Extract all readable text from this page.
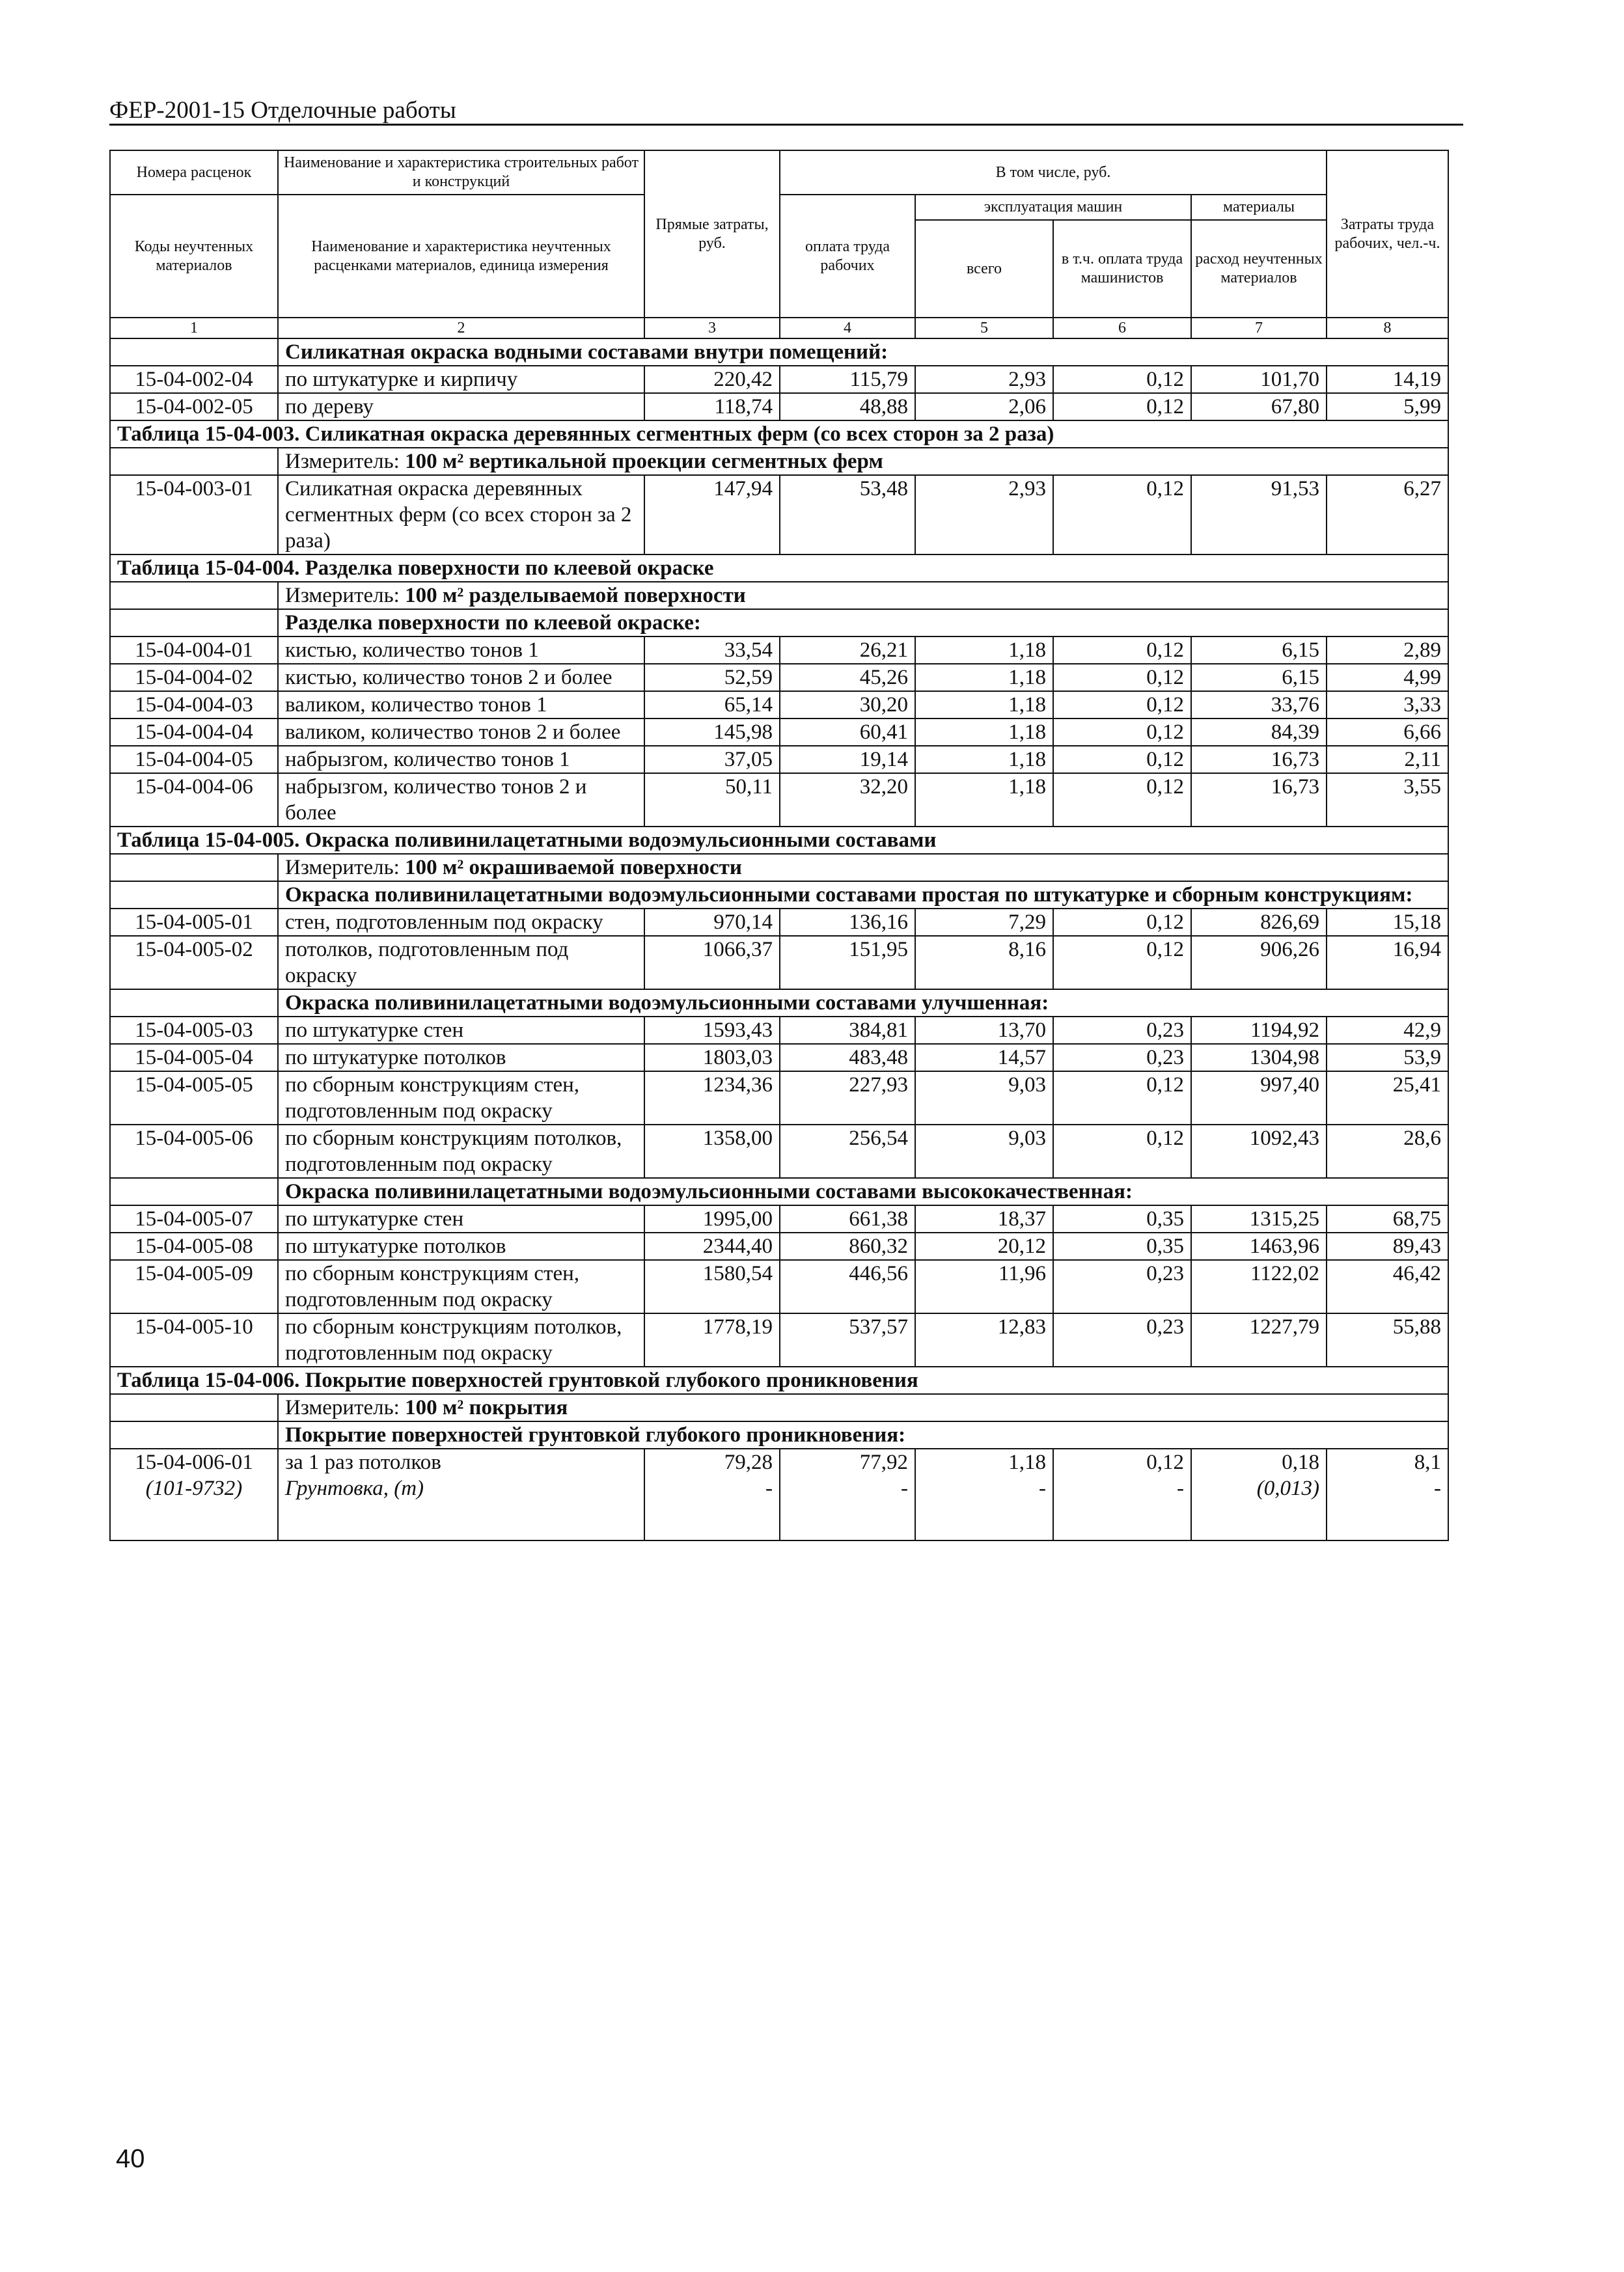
ФЕР-2001-15 Отделочные работы
Номера расценок	Наименование и характеристика строительных работ и конструкций	Прямые затраты, руб.	В том числе, руб.				Затраты труда рабочих, чел.-ч.
Коды неучтенных материалов	Наименование и характеристика неучтенных расценками материалов, единица измерения		оплата труда рабочих	эксплуатация машин		материалы	
				всего	в т.ч. оплата труда машинистов	расход неучтенных материалов	
1	2	3	4	5	6	7	8
	Силикатная окраска водными составами внутри помещений:						
15-04-002-04	по штукатурке и кирпичу	220,42	115,79	2,93	0,12	101,70	14,19
15-04-002-05	по дереву	118,74	48,88	2,06	0,12	67,80	5,99
Таблица 15-04-003. Силикатная окраска деревянных сегментных ферм (со всех сторон за 2 раза)							
	Измеритель: 100 м² вертикальной проекции сегментных ферм						
15-04-003-01	Силикатная окраска деревянных сегментных ферм (со всех сторон за 2 раза)	147,94	53,48	2,93	0,12	91,53	6,27
Таблица 15-04-004. Разделка поверхности по клеевой окраске							
	Измеритель: 100 м² разделываемой поверхности						
	Разделка поверхности по клеевой окраске:						
15-04-004-01	кистью, количество тонов 1	33,54	26,21	1,18	0,12	6,15	2,89
15-04-004-02	кистью, количество тонов 2 и более	52,59	45,26	1,18	0,12	6,15	4,99
15-04-004-03	валиком, количество тонов 1	65,14	30,20	1,18	0,12	33,76	3,33
15-04-004-04	валиком, количество тонов 2 и более	145,98	60,41	1,18	0,12	84,39	6,66
15-04-004-05	набрызгом, количество тонов 1	37,05	19,14	1,18	0,12	16,73	2,11
15-04-004-06	набрызгом, количество тонов 2 и более	50,11	32,20	1,18	0,12	16,73	3,55
Таблица 15-04-005. Окраска поливинилацетатными водоэмульсионными составами							
	Измеритель: 100 м² окрашиваемой поверхности						
	Окраска поливинилацетатными водоэмульсионными составами простая по штукатурке и сборным конструкциям:						
15-04-005-01	стен, подготовленным под окраску	970,14	136,16	7,29	0,12	826,69	15,18
15-04-005-02	потолков, подготовленным под окраску	1066,37	151,95	8,16	0,12	906,26	16,94
	Окраска поливинилацетатными водоэмульсионными составами улучшенная:						
15-04-005-03	по штукатурке стен	1593,43	384,81	13,70	0,23	1194,92	42,9
15-04-005-04	по штукатурке потолков	1803,03	483,48	14,57	0,23	1304,98	53,9
15-04-005-05	по сборным конструкциям стен, подготовленным под окраску	1234,36	227,93	9,03	0,12	997,40	25,41
15-04-005-06	по сборным конструкциям потолков, подготовленным под окраску	1358,00	256,54	9,03	0,12	1092,43	28,6
	Окраска поливинилацетатными водоэмульсионными составами высококачественная:						
15-04-005-07	по штукатурке стен	1995,00	661,38	18,37	0,35	1315,25	68,75
15-04-005-08	по штукатурке потолков	2344,40	860,32	20,12	0,35	1463,96	89,43
15-04-005-09	по сборным конструкциям стен, подготовленным под окраску	1580,54	446,56	11,96	0,23	1122,02	46,42
15-04-005-10	по сборным конструкциям потолков, подготовленным под окраску	1778,19	537,57	12,83	0,23	1227,79	55,88
Таблица 15-04-006. Покрытие поверхностей грунтовкой глубокого проникновения							
	Измеритель: 100 м² покрытия						
	Покрытие поверхностей грунтовкой глубокого проникновения:						
15-04-006-01	за 1 раз потолков	79,28	77,92	1,18	0,12	0,18	8,1
(101-9732)	Грунтовка, (т)	-	-	-	-	(0,013)	-
40
